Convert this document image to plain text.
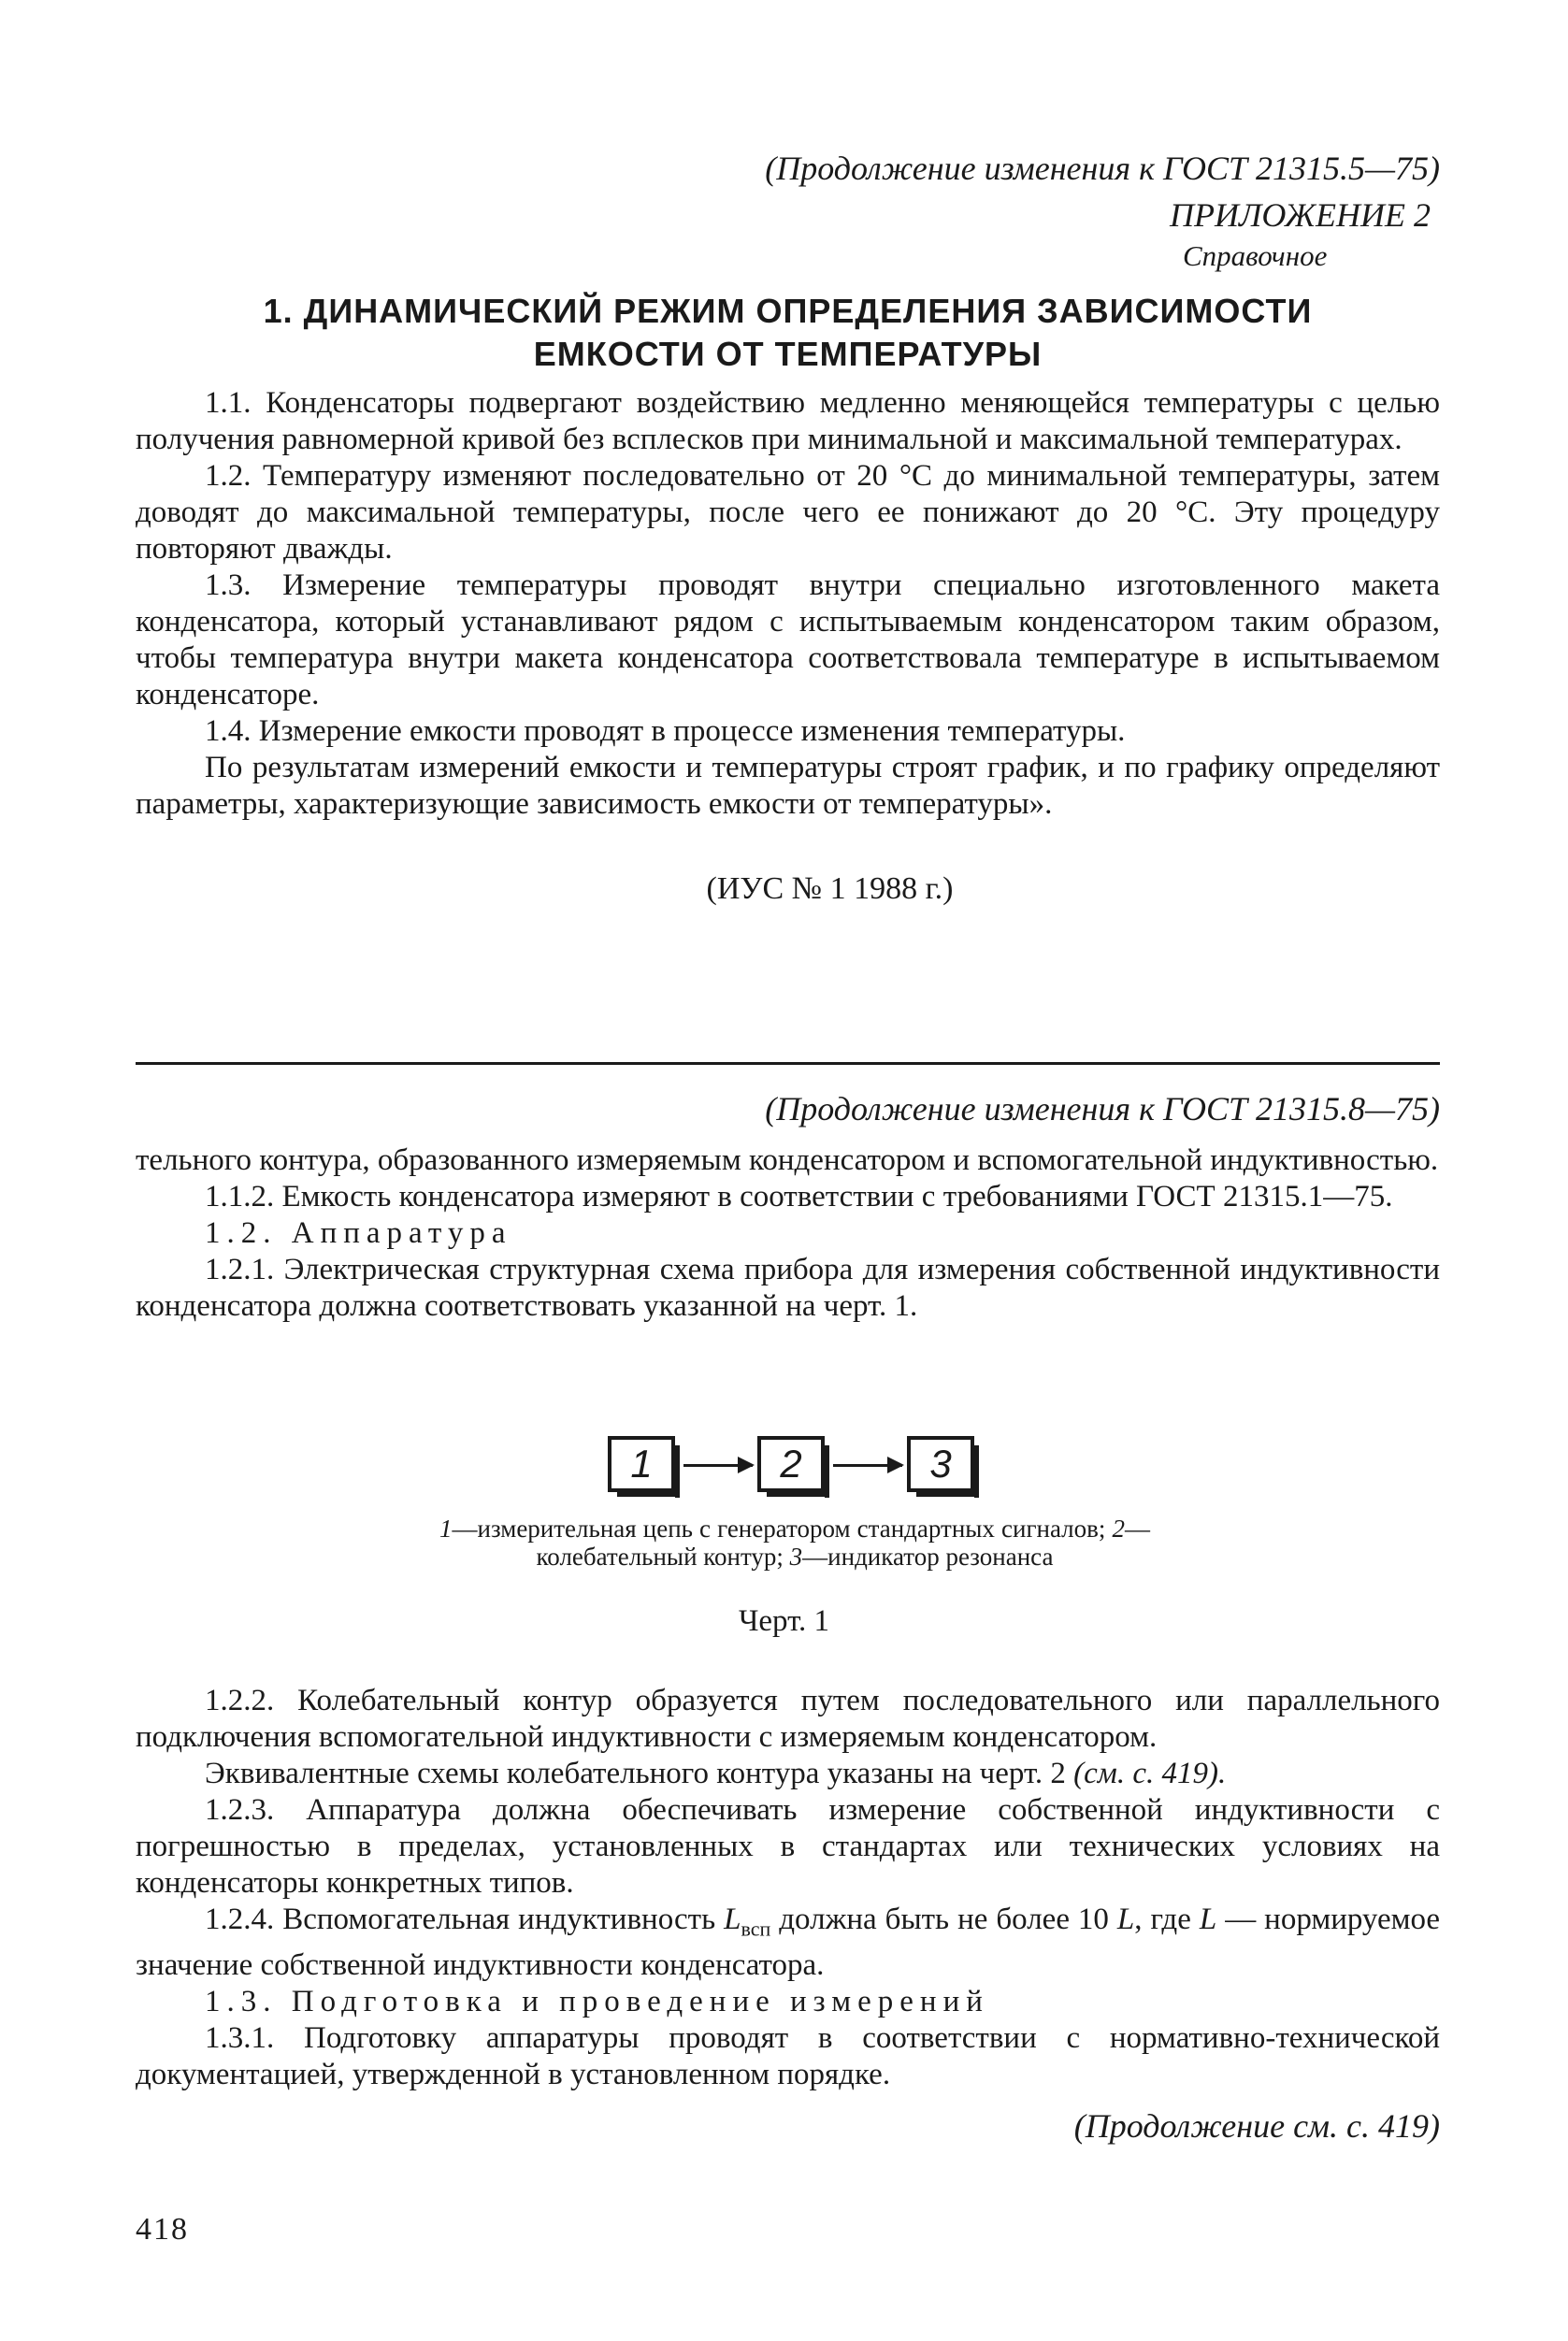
(Продолжение изменения к ГОСТ 21315.5—75)
ПРИЛОЖЕНИЕ 2
Справочное
1. ДИНАМИЧЕСКИЙ РЕЖИМ ОПРЕДЕЛЕНИЯ ЗАВИСИМОСТИ
ЕМКОСТИ ОТ ТЕМПЕРАТУРЫ

1.1. Конденсаторы подвергают воздействию медленно меняющейся температуры с целью получения равномерной кривой без всплесков при минимальной и максимальной температурах.

1.2. Температуру изменяют последовательно от 20 °С до минимальной температуры, затем доводят до максимальной температуры, после чего ее понижают до 20 °С. Эту процедуру повторяют дважды.

1.3. Измерение температуры проводят внутри специально изготовленного макета конденсатора, который устанавливают рядом с испытываемым конденсатором таким образом, чтобы температура внутри макета конденсатора соответствовала температуре в испытываемом конденсаторе.

1.4. Измерение емкости проводят в процессе изменения температуры.

По результатам измерений емкости и температуры строят график, и по графику определяют параметры, характеризующие зависимость емкости от температуры».

(ИУС № 1 1988 г.)
(Продолжение изменения к ГОСТ 21315.8—75)

тельного контура, образованного измеряемым конденсатором и вспомогательной индуктивностью.

1.1.2. Емкость конденсатора измеряют в соответствии с требованиями ГОСТ 21315.1—75.

1.2. Аппаратура

1.2.1. Электрическая структурная схема прибора для измерения собственной индуктивности конденсатора должна соответствовать указанной на черт. 1.

1	2	3
1—измерительная цепь с генератором стандартных сигналов; 2—колебательный контур; 3—индикатор резонанса
Черт. 1

1.2.2. Колебательный контур образуется путем последовательного или параллельного подключения вспомогательной индуктивности с измеряемым конденсатором.

Эквивалентные схемы колебательного контура указаны на черт. 2 (см. с. 419).

1.2.3. Аппаратура должна обеспечивать измерение собственной индуктивности с погрешностью в пределах, установленных в стандартах или технических условиях на конденсаторы конкретных типов.

1.2.4. Вспомогательная индуктивность $L_{всп}$ должна быть не более 10 L, где L — нормируемое значение собственной индуктивности конденсатора.

1.3. Подготовка и проведение измерений

1.3.1. Подготовку аппаратуры проводят в соответствии с нормативно-технической документацией, утвержденной в установленном порядке.

(Продолжение см. с. 419)
418
